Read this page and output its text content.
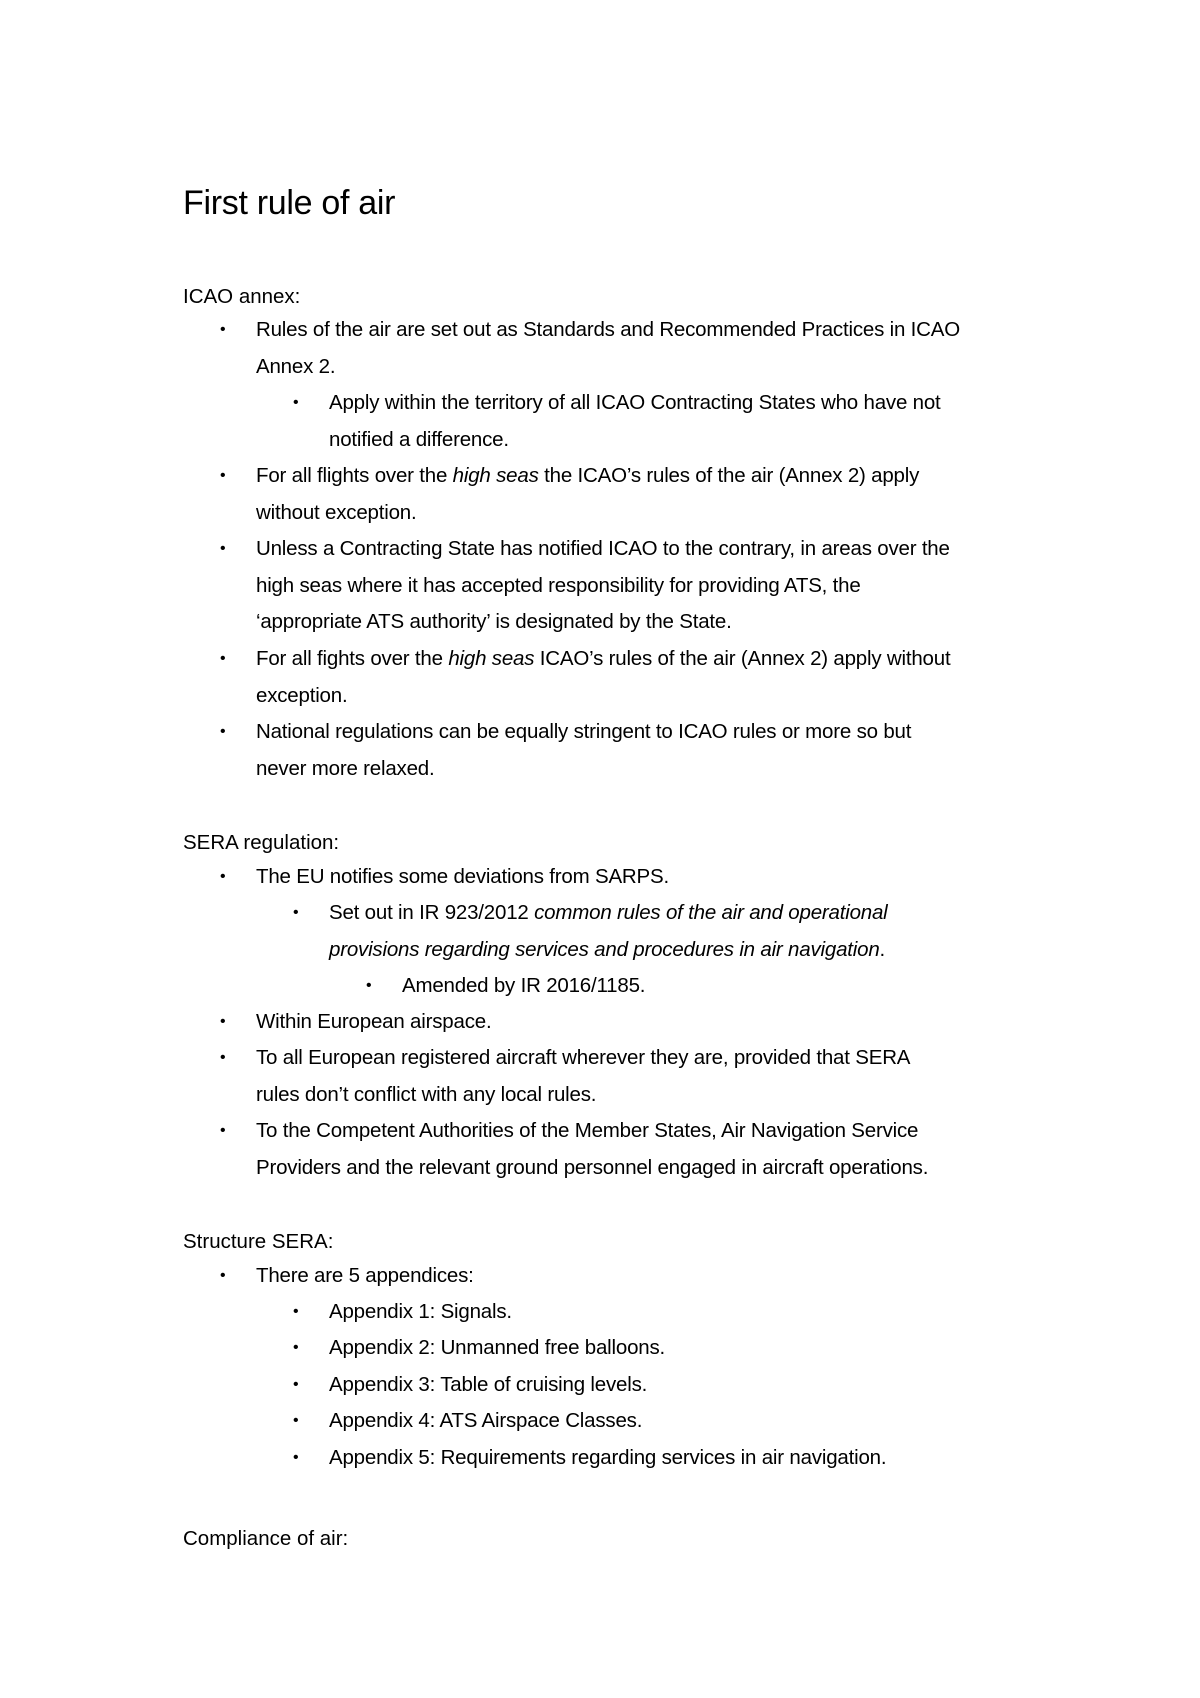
First rule of air
ICAO annex:
• Rules of the air are set out as Standards and Recommended Practices in ICAO
Annex 2.
• Apply within the territory of all ICAO Contracting States who have not
notified a difference.
• For all flights over the high seas the ICAO’s rules of the air (Annex 2) apply
without exception.
• Unless a Contracting State has notified ICAO to the contrary, in areas over the
high seas where it has accepted responsibility for providing ATS, the
‘appropriate ATS authority’ is designated by the State.
• For all fights over the high seas ICAO’s rules of the air (Annex 2) apply without
exception.
• National regulations can be equally stringent to ICAO rules or more so but
never more relaxed.
SERA regulation:
• The EU notifies some deviations from SARPS.
• Set out in IR 923/2012 common rules of the air and operational
provisions regarding services and procedures in air navigation.
• Amended by IR 2016/1185.
• Within European airspace.
• To all European registered aircraft wherever they are, provided that SERA
rules don’t conflict with any local rules.
• To the Competent Authorities of the Member States, Air Navigation Service
Providers and the relevant ground personnel engaged in aircraft operations.
Structure SERA:
• There are 5 appendices:
• Appendix 1: Signals.
• Appendix 2: Unmanned free balloons.
• Appendix 3: Table of cruising levels.
• Appendix 4: ATS Airspace Classes.
• Appendix 5: Requirements regarding services in air navigation.
Compliance of air:
